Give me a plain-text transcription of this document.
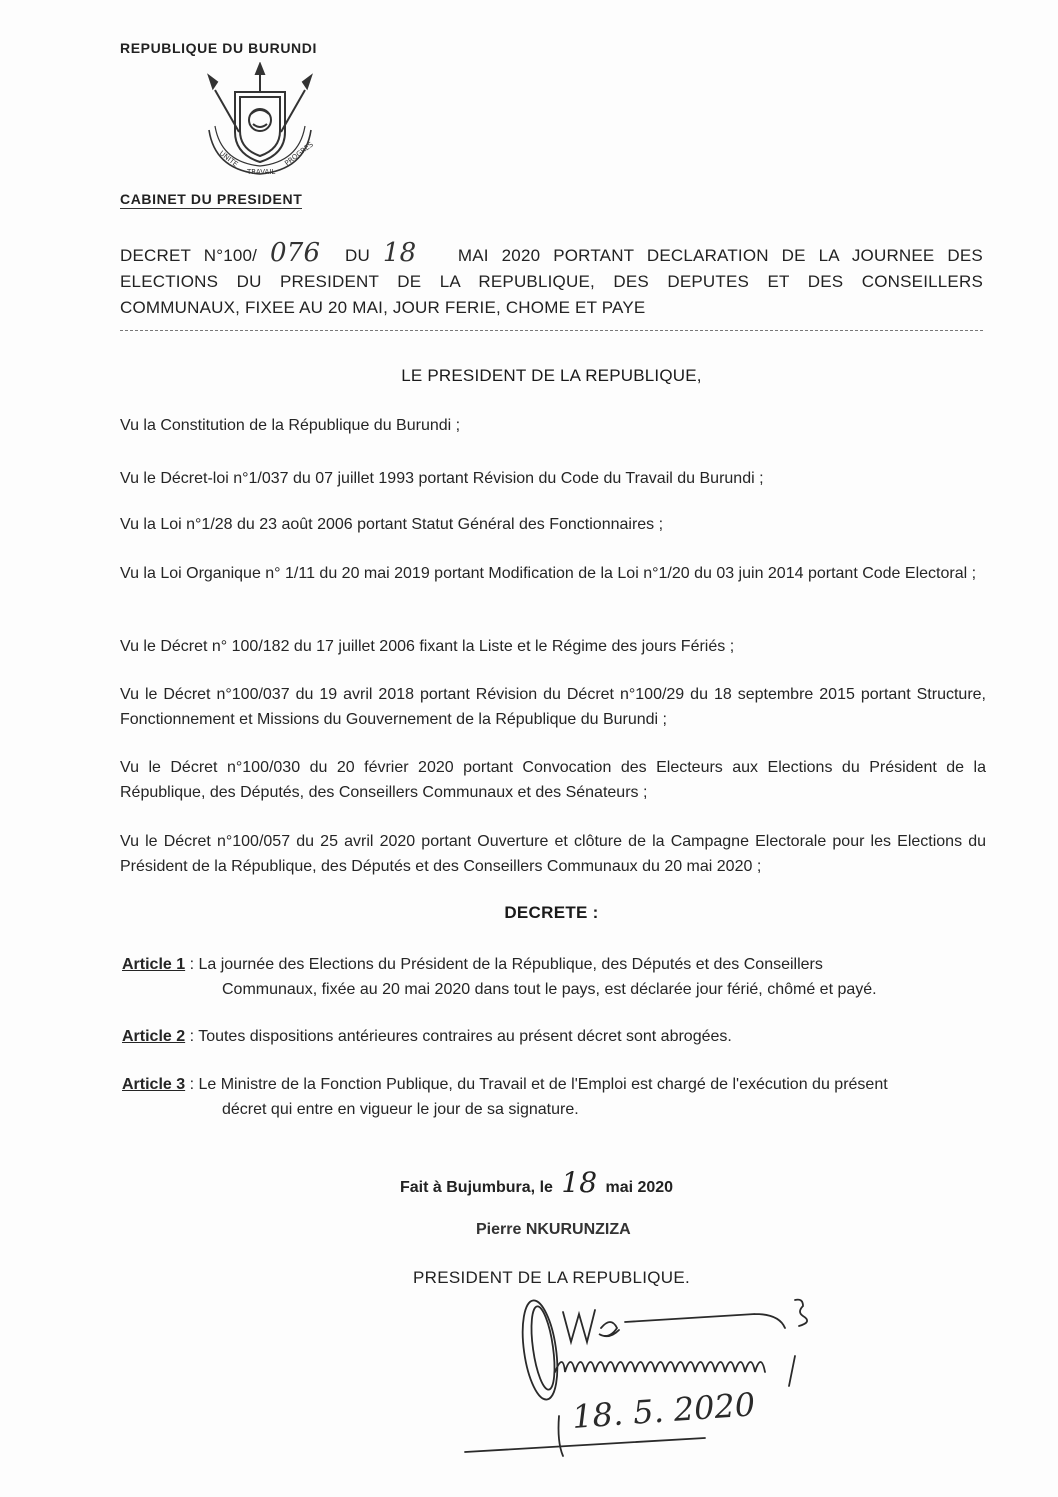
REPUBLIQUE DU BURUNDI
UNITE
TRAVAIL
PROGRES
CABINET DU PRESIDENT
DECRET N°100/ 076 DU 18 MAI 2020 PORTANT DECLARATION DE LA JOURNEE DES
ELECTIONS DU PRESIDENT DE LA REPUBLIQUE, DES DEPUTES ET DES CONSEILLERS
COMMUNAUX, FIXEE AU 20 MAI, JOUR FERIE, CHOME ET PAYE
LE PRESIDENT DE LA REPUBLIQUE,
Vu la Constitution de la République du Burundi ;
Vu le Décret-loi n°1/037 du 07 juillet 1993 portant Révision du Code du Travail du Burundi ;
Vu la Loi n°1/28 du 23 août 2006 portant Statut Général des Fonctionnaires ;
Vu la Loi Organique n° 1/11 du 20 mai 2019 portant Modification de la Loi n°1/20 du 03 juin 2014 portant Code Electoral ;
Vu le Décret n° 100/182 du 17 juillet 2006 fixant la Liste et le Régime des jours Fériés ;
Vu le Décret n°100/037 du 19 avril 2018 portant Révision du Décret n°100/29 du 18 septembre 2015 portant Structure, Fonctionnement et Missions du Gouvernement de la République du Burundi ;
Vu le Décret n°100/030 du 20 février 2020 portant Convocation des Electeurs aux Elections du Président de la République, des Députés, des Conseillers Communaux et des Sénateurs ;
Vu le Décret n°100/057 du 25 avril 2020 portant Ouverture et clôture de la Campagne Electorale pour les Elections du Président de la République, des Députés et des Conseillers Communaux du 20 mai 2020 ;
DECRETE :
Article 1 : La journée des Elections du Président de la République, des Députés et des Conseillers
Communaux, fixée au 20 mai 2020 dans tout le pays, est déclarée jour férié, chômé et payé.
Article 2 : Toutes dispositions antérieures contraires au présent décret sont abrogées.
Article 3 : Le Ministre de la Fonction Publique, du Travail et de l'Emploi est chargé de l'exécution du présent
décret qui entre en vigueur le jour de sa signature.
Fait à Bujumbura, le 18 mai 2020
Pierre NKURUNZIZA
PRESIDENT DE LA REPUBLIQUE.
18. 5. 2020
